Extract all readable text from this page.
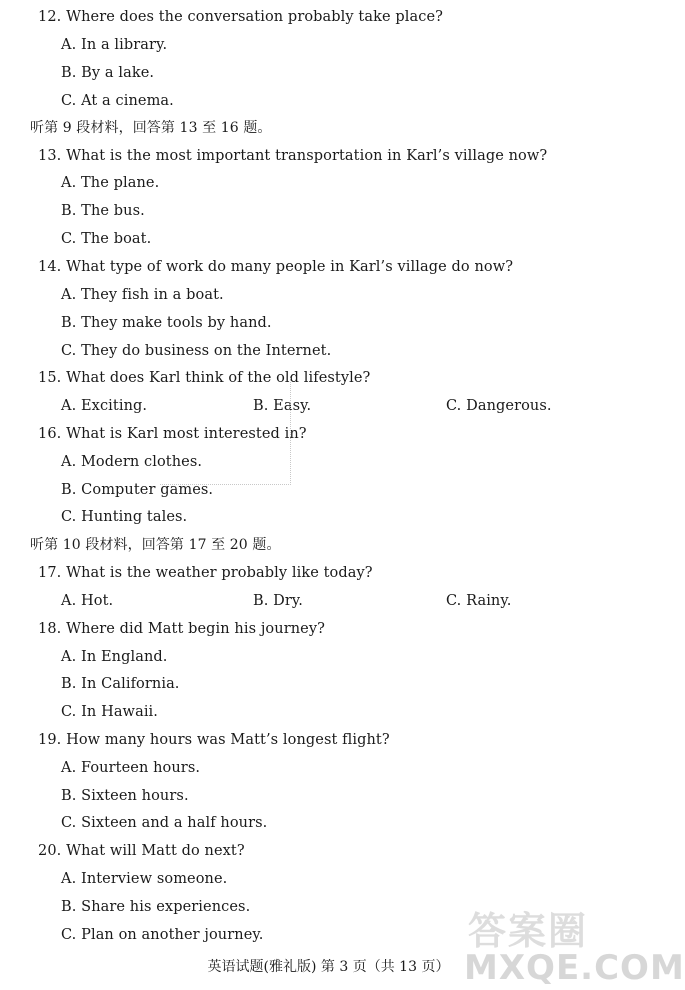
12. Where does the conversation probably take place?
A. In a library.
B. By a lake.
C. At a cinema.
听第 9 段材料，回答第 13 至 16 题。
13. What is the most important transportation in Karl’s village now?
A. The plane.
B. The bus.
C. The boat.
14. What type of work do many people in Karl’s village do now?
A. They fish in a boat.
B. They make tools by hand.
C. They do business on the Internet.
15. What does Karl think of the old lifestyle?
A. Exciting.	B. Easy.	C. Dangerous.
16. What is Karl most interested in?
A. Modern clothes.
B. Computer games.
C. Hunting tales.
听第 10 段材料，回答第 17 至 20 题。
17. What is the weather probably like today?
A. Hot.	B. Dry.	C. Rainy.
18. Where did Matt begin his journey?
A. In England.
B. In California.
C. In Hawaii.
19. How many hours was Matt’s longest flight?
A. Fourteen hours.
B. Sixteen hours.
C. Sixteen and a half hours.
20. What will Matt do next?
A. Interview someone.
B. Share his experiences.
C. Plan on another journey.
英语试题(雅礼版) 第 3 页（共 13 页）
答案圈
MXQE.COM
